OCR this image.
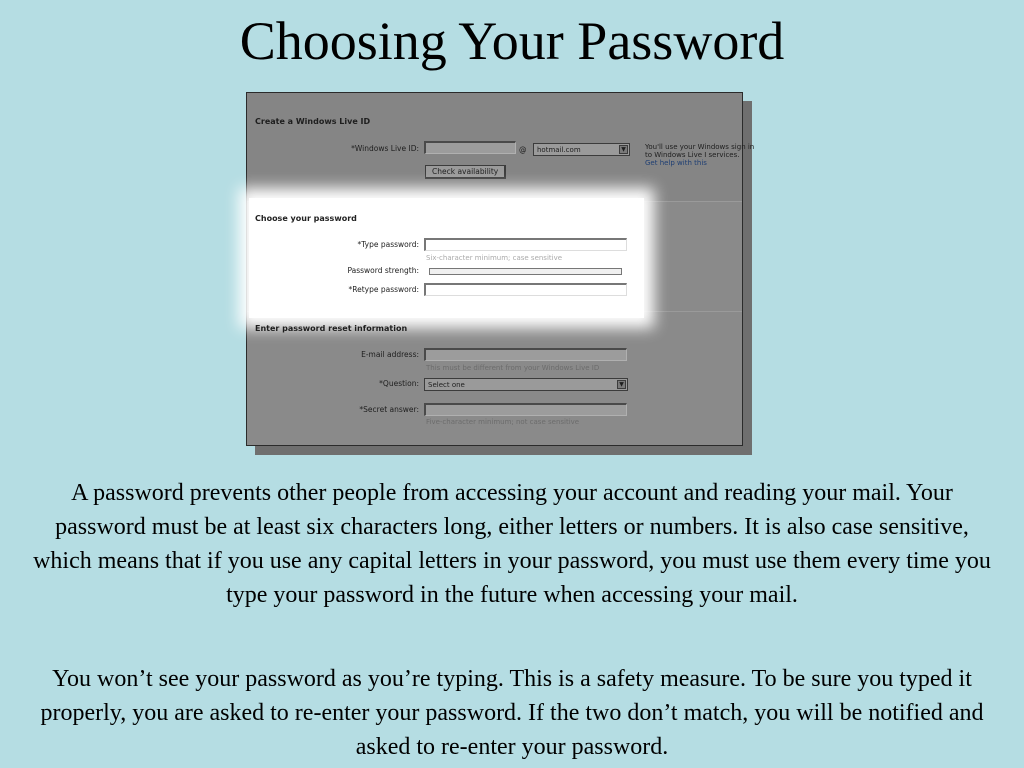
Choosing Your Password
Create a Windows Live ID
*Windows Live ID:	@	hotmail.com	▼
Check availability
You'll use your Windows sign in to Windows Live I services.
Get help with this
Choose your password
*Type password:
Six-character minimum; case sensitive
Password strength:
*Retype password:
Enter password reset information
E-mail address:
This must be different from your Windows Live ID
*Question:	Select one	▼
*Secret answer:
Five-character minimum; not case sensitive

A password prevents other people from accessing your account and reading your mail. Your password must be at least six characters long, either letters or numbers. It is also case sensitive, which means that if you use any capital letters in your password, you must use them every time you type your password in the future when accessing your mail.

You won’t see your password as you’re typing. This is a safety measure. To be sure you typed it properly, you are asked to re-enter your password. If the two don’t match, you will be notified and asked to re-enter your password.
